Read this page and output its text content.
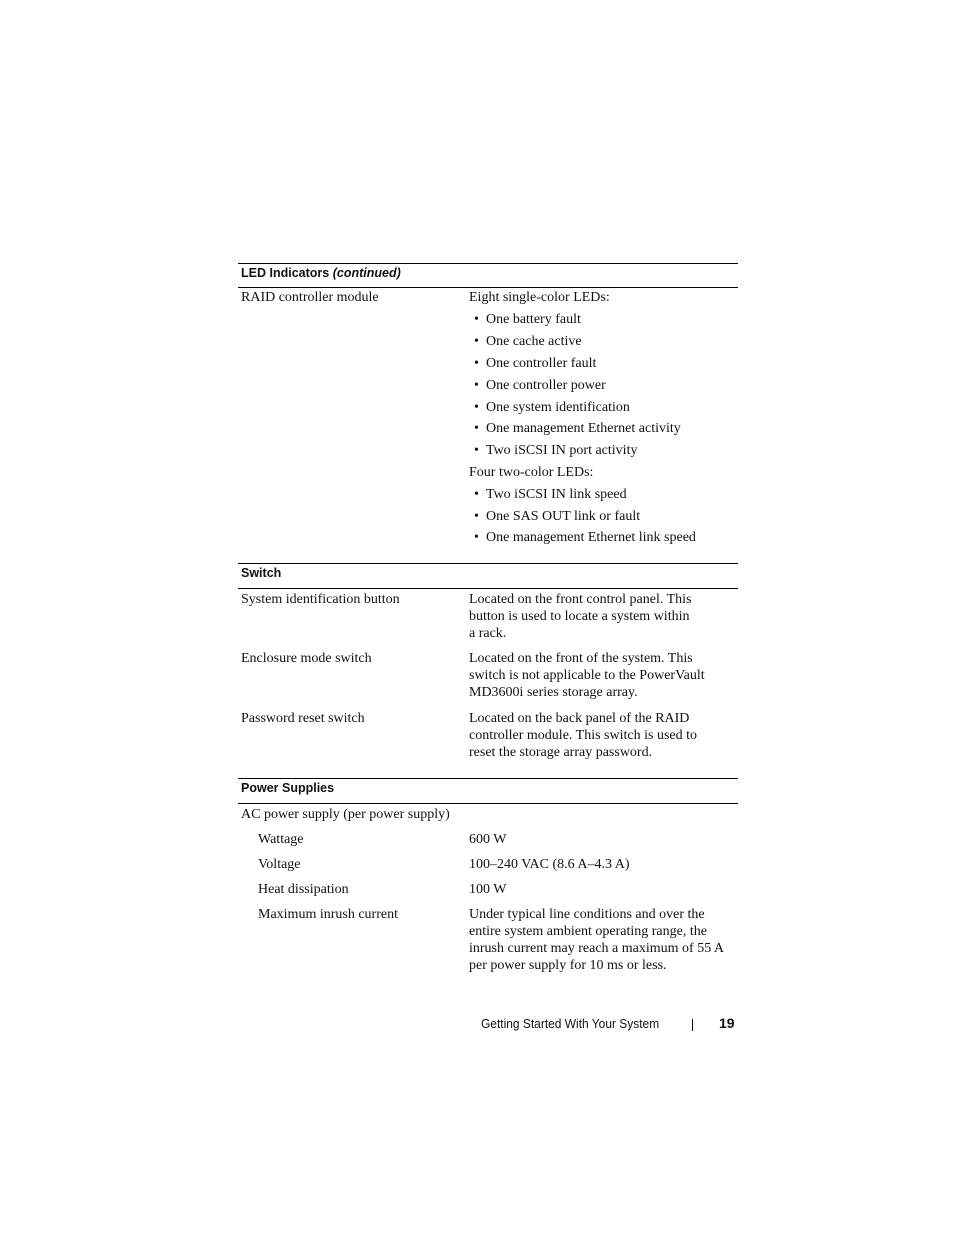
LED Indicators (continued)
RAID controller module	Eight single-color LEDs:
• One battery fault
• One cache active
• One controller fault
• One controller power
• One system identification
• One management Ethernet activity
• Two iSCSI IN port activity
Four two-color LEDs:
• Two iSCSI IN link speed
• One SAS OUT link or fault
• One management Ethernet link speed
Switch
System identification button	Located on the front control panel. This button is used to locate a system within a rack.
Enclosure mode switch	Located on the front of the system. This switch is not applicable to the PowerVault MD3600i series storage array.
Password reset switch	Located on the back panel of the RAID controller module. This switch is used to reset the storage array password.
Power Supplies
AC power supply (per power supply)
Wattage	600 W
Voltage	100–240 VAC (8.6 A–4.3 A)
Heat dissipation	100 W
Maximum inrush current	Under typical line conditions and over the entire system ambient operating range, the inrush current may reach a maximum of 55 A per power supply for 10 ms or less.
Getting Started With Your System	19
